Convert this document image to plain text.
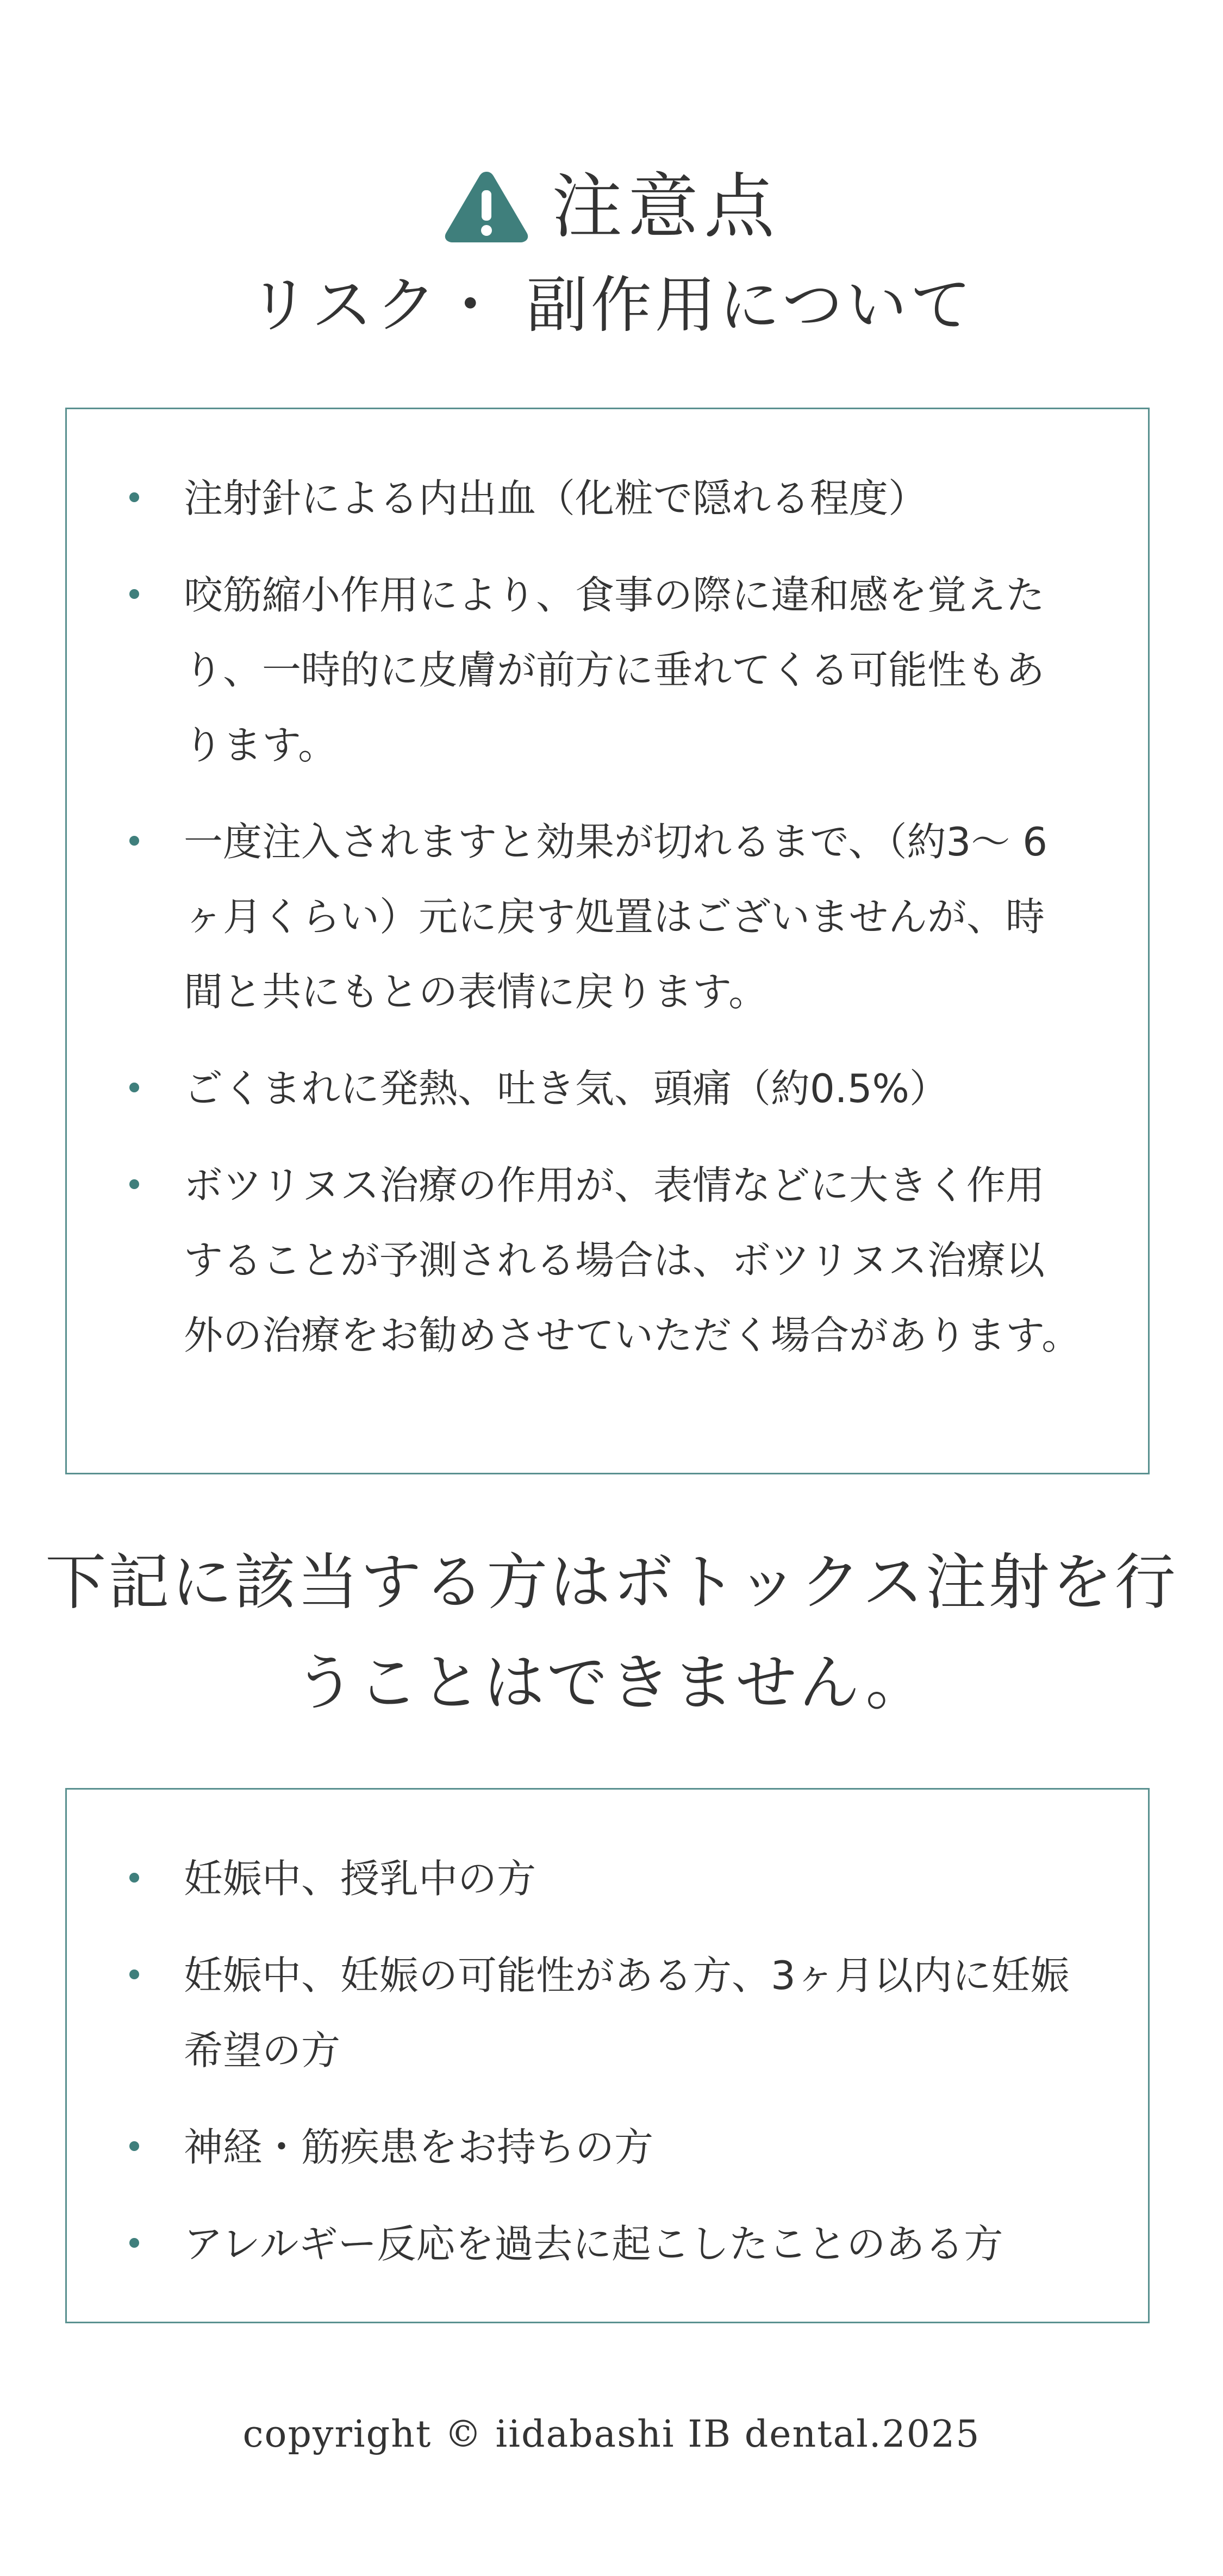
注意点
リスク・ 副作用について
注射針による内出血（化粧で隠れる程度）
咬筋縮小作用により、食事の際に違和感を覚えたり、一時的に皮膚が前方に垂れてくる可能性もあります。
一度注入されますと効果が切れるまで、（約3～ 6ヶ月くらい）元に戻す処置はございませんが、時間と共にもとの表情に戻ります。
ごくまれに発熱、吐き気、頭痛（約0.5%）
ボツリヌス治療の作用が、表情などに大きく作用することが予測される場合は、ボツリヌス治療以外の治療をお勧めさせていただく場合があります。
下記に該当する方はボトックス注射を行うことはできません。
妊娠中、授乳中の方
妊娠中、妊娠の可能性がある方、3ヶ月以内に妊娠希望の方
神経・筋疾患をお持ちの方
アレルギー反応を過去に起こしたことのある方
copyright © iidabashi IB dental.2025
